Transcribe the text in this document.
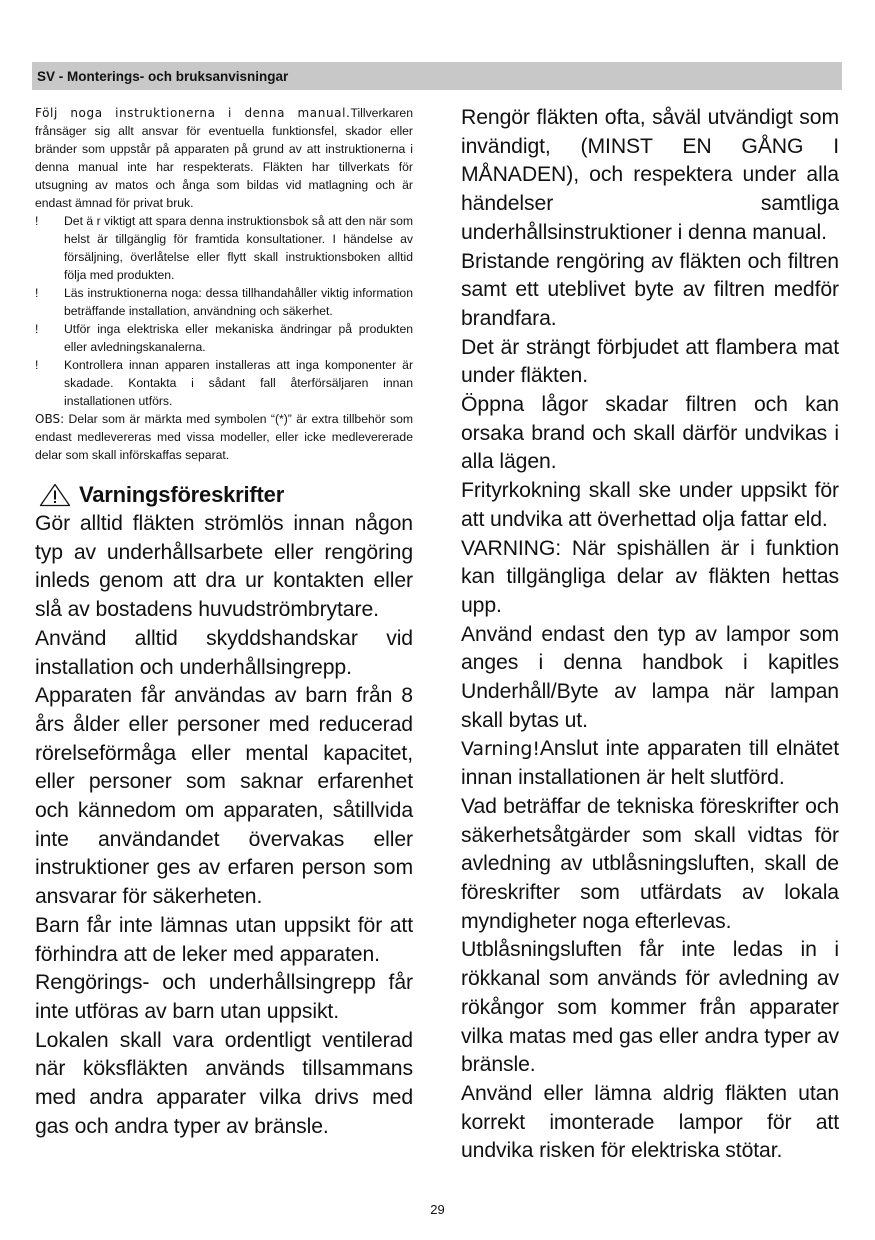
SV - Monterings- och bruksanvisningar

Följ noga instruktionerna i denna manual.Tillverkaren frånsäger sig allt ansvar för eventuella funktionsfel, skador eller bränder som uppstår på apparaten på grund av att instruktionerna i denna manual inte har respekterats. Fläkten har tillverkats för utsugning av matos och ånga som bildas vid matlagning och är endast ämnad för privat bruk.

! Det ä r viktigt att spara denna instruktionsbok så att den när som helst är tillgänglig för framtida konsultationer. I händelse av försäljning, överlåtelse eller flytt skall instruktionsboken alltid följa med produkten.
! Läs instruktionerna noga: dessa tillhandahåller viktig information beträffande installation, användning och säkerhet.
! Utför inga elektriska eller mekaniska ändringar på produkten eller avledningskanalerna.
! Kontrollera innan apparen installeras att inga komponenter är skadade. Kontakta i sådant fall återförsäljaren innan installationen utförs.

OBS: Delar som är märkta med symbolen “(*)” är extra tillbehör som endast medlevereras med vissa modeller, eller icke medlevererade delar som skall införskaffas separat.

Varningsföreskrifter

Gör alltid fläkten strömlös innan någon typ av underhållsarbete eller rengöring inleds genom att dra ur kontakten eller slå av bostadens huvudströmbrytare.

Använd alltid skyddshandskar vid installation och underhållsingrepp.

Apparaten får användas av barn från 8 års ålder eller personer med reducerad rörelseförmåga eller mental kapacitet, eller personer som saknar erfarenhet och kännedom om apparaten, såtillvida inte användandet övervakas eller instruktioner ges av erfaren person som ansvarar för säkerheten.

Barn får inte lämnas utan uppsikt för att förhindra att de leker med apparaten.

Rengörings- och underhållsingrepp får inte utföras av barn utan uppsikt.

Lokalen skall vara ordentligt ventilerad när köksfläkten används tillsammans med andra apparater vilka drivs med gas och andra typer av bränsle.

Rengör fläkten ofta, såväl utvändigt som invändigt, (MINST EN GÅNG I MÅNADEN), och respektera under alla händelser samtliga underhållsinstruktioner i denna manual.

Bristande rengöring av fläkten och filtren samt ett uteblivet byte av filtren medför brandfara.

Det är strängt förbjudet att flambera mat under fläkten.

Öppna lågor skadar filtren och kan orsaka brand och skall därför undvikas i alla lägen.

Frityrkokning skall ske under uppsikt för att undvika att överhettad olja fattar eld.

VARNING: När spishällen är i funktion kan tillgängliga delar av fläkten hettas upp.

Använd endast den typ av lampor som anges i denna handbok i kapitles Underhåll/Byte av lampa när lampan skall bytas ut.

Varning!Anslut inte apparaten till elnätet innan installationen är helt slutförd.

Vad beträffar de tekniska föreskrifter och säkerhetsåtgärder som skall vidtas för avledning av utblåsningsluften, skall de föreskrifter som utfärdats av lokala myndigheter noga efterlevas.

Utblåsningsluften får inte ledas in i rökkanal som används för avledning av rökångor som kommer från apparater vilka matas med gas eller andra typer av bränsle.

Använd eller lämna aldrig fläkten utan korrekt imonterade lampor för att undvika risken för elektriska stötar.

29
